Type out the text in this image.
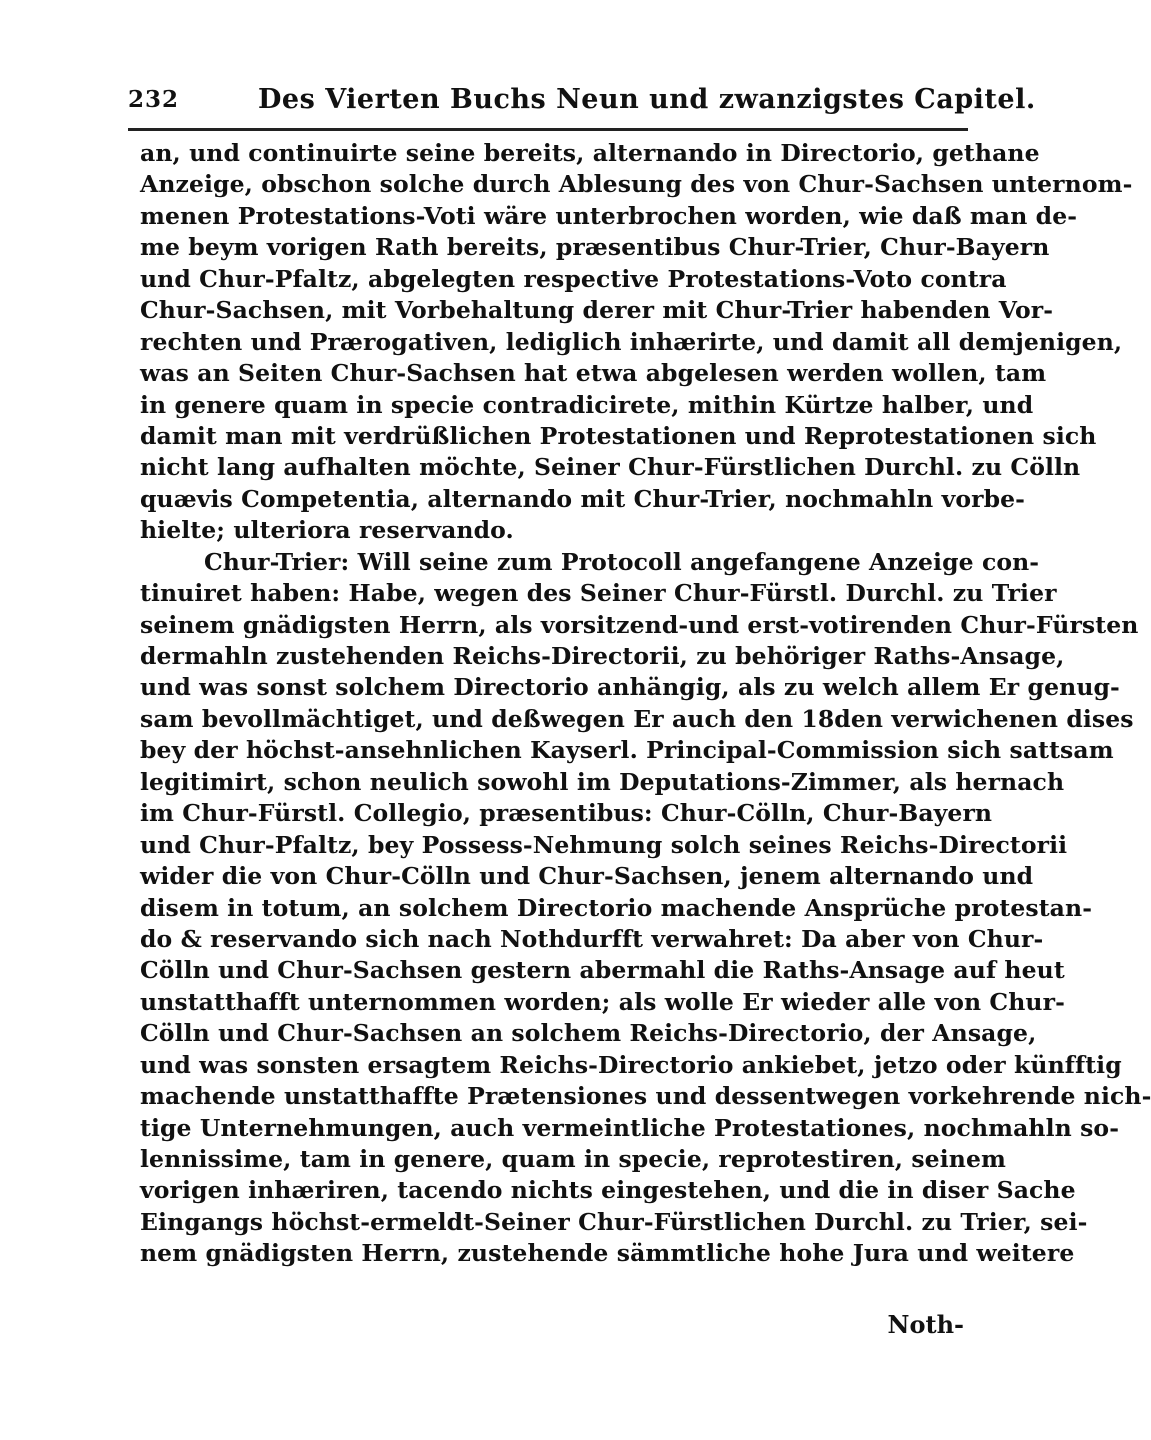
232	Des Vierten Buchs Neun und zwanzigstes Capitel.
an, und continuirte seine bereits, alternando in Directorio, gethane
Anzeige, obschon solche durch Ablesung des von Chur-Sachsen unternom-
menen Protestations-Voti wäre unterbrochen worden, wie daß man de-
me beym vorigen Rath bereits, præsentibus Chur-Trier, Chur-Bayern
und Chur-Pfaltz, abgelegten respective Protestations-Voto contra
Chur-Sachsen, mit Vorbehaltung derer mit Chur-Trier habenden Vor-
rechten und Prærogativen, lediglich inhærirte, und damit all demjenigen,
was an Seiten Chur-Sachsen hat etwa abgelesen werden wollen, tam
in genere quam in specie contradicirete, mithin Kürtze halber, und
damit man mit verdrüßlichen Protestationen und Reprotestationen sich
nicht lang aufhalten möchte, Seiner Chur-Fürstlichen Durchl. zu Cölln
quævis Competentia, alternando mit Chur-Trier, nochmahln vorbe-
hielte; ulteriora reservando.
Chur-Trier: Will seine zum Protocoll angefangene Anzeige con-
tinuiret haben: Habe, wegen des Seiner Chur-Fürstl. Durchl. zu Trier
seinem gnädigsten Herrn, als vorsitzend-und erst-votirenden Chur-Fürsten
dermahln zustehenden Reichs-Directorii, zu behöriger Raths-Ansage,
und was sonst solchem Directorio anhängig, als zu welch allem Er genug-
sam bevollmächtiget, und deßwegen Er auch den 18den verwichenen dises
bey der höchst-ansehnlichen Kayserl. Principal-Commission sich sattsam
legitimirt, schon neulich sowohl im Deputations-Zimmer, als hernach
im Chur-Fürstl. Collegio, præsentibus: Chur-Cölln, Chur-Bayern
und Chur-Pfaltz, bey Possess-Nehmung solch seines Reichs-Directorii
wider die von Chur-Cölln und Chur-Sachsen, jenem alternando und
disem in totum, an solchem Directorio machende Ansprüche protestan-
do & reservando sich nach Nothdurfft verwahret: Da aber von Chur-
Cölln und Chur-Sachsen gestern abermahl die Raths-Ansage auf heut
unstatthafft unternommen worden; als wolle Er wieder alle von Chur-
Cölln und Chur-Sachsen an solchem Reichs-Directorio, der Ansage,
und was sonsten ersagtem Reichs-Directorio ankiebet, jetzo oder künfftig
machende unstatthaffte Prætensiones und dessentwegen vorkehrende nich-
tige Unternehmungen, auch vermeintliche Protestationes, nochmahln so-
lennissime, tam in genere, quam in specie, reprotestiren, seinem
vorigen inhæriren, tacendo nichts eingestehen, und die in diser Sache
Eingangs höchst-ermeldt-Seiner Chur-Fürstlichen Durchl. zu Trier, sei-
nem gnädigsten Herrn, zustehende sämmtliche hohe Jura und weitere
Noth-
